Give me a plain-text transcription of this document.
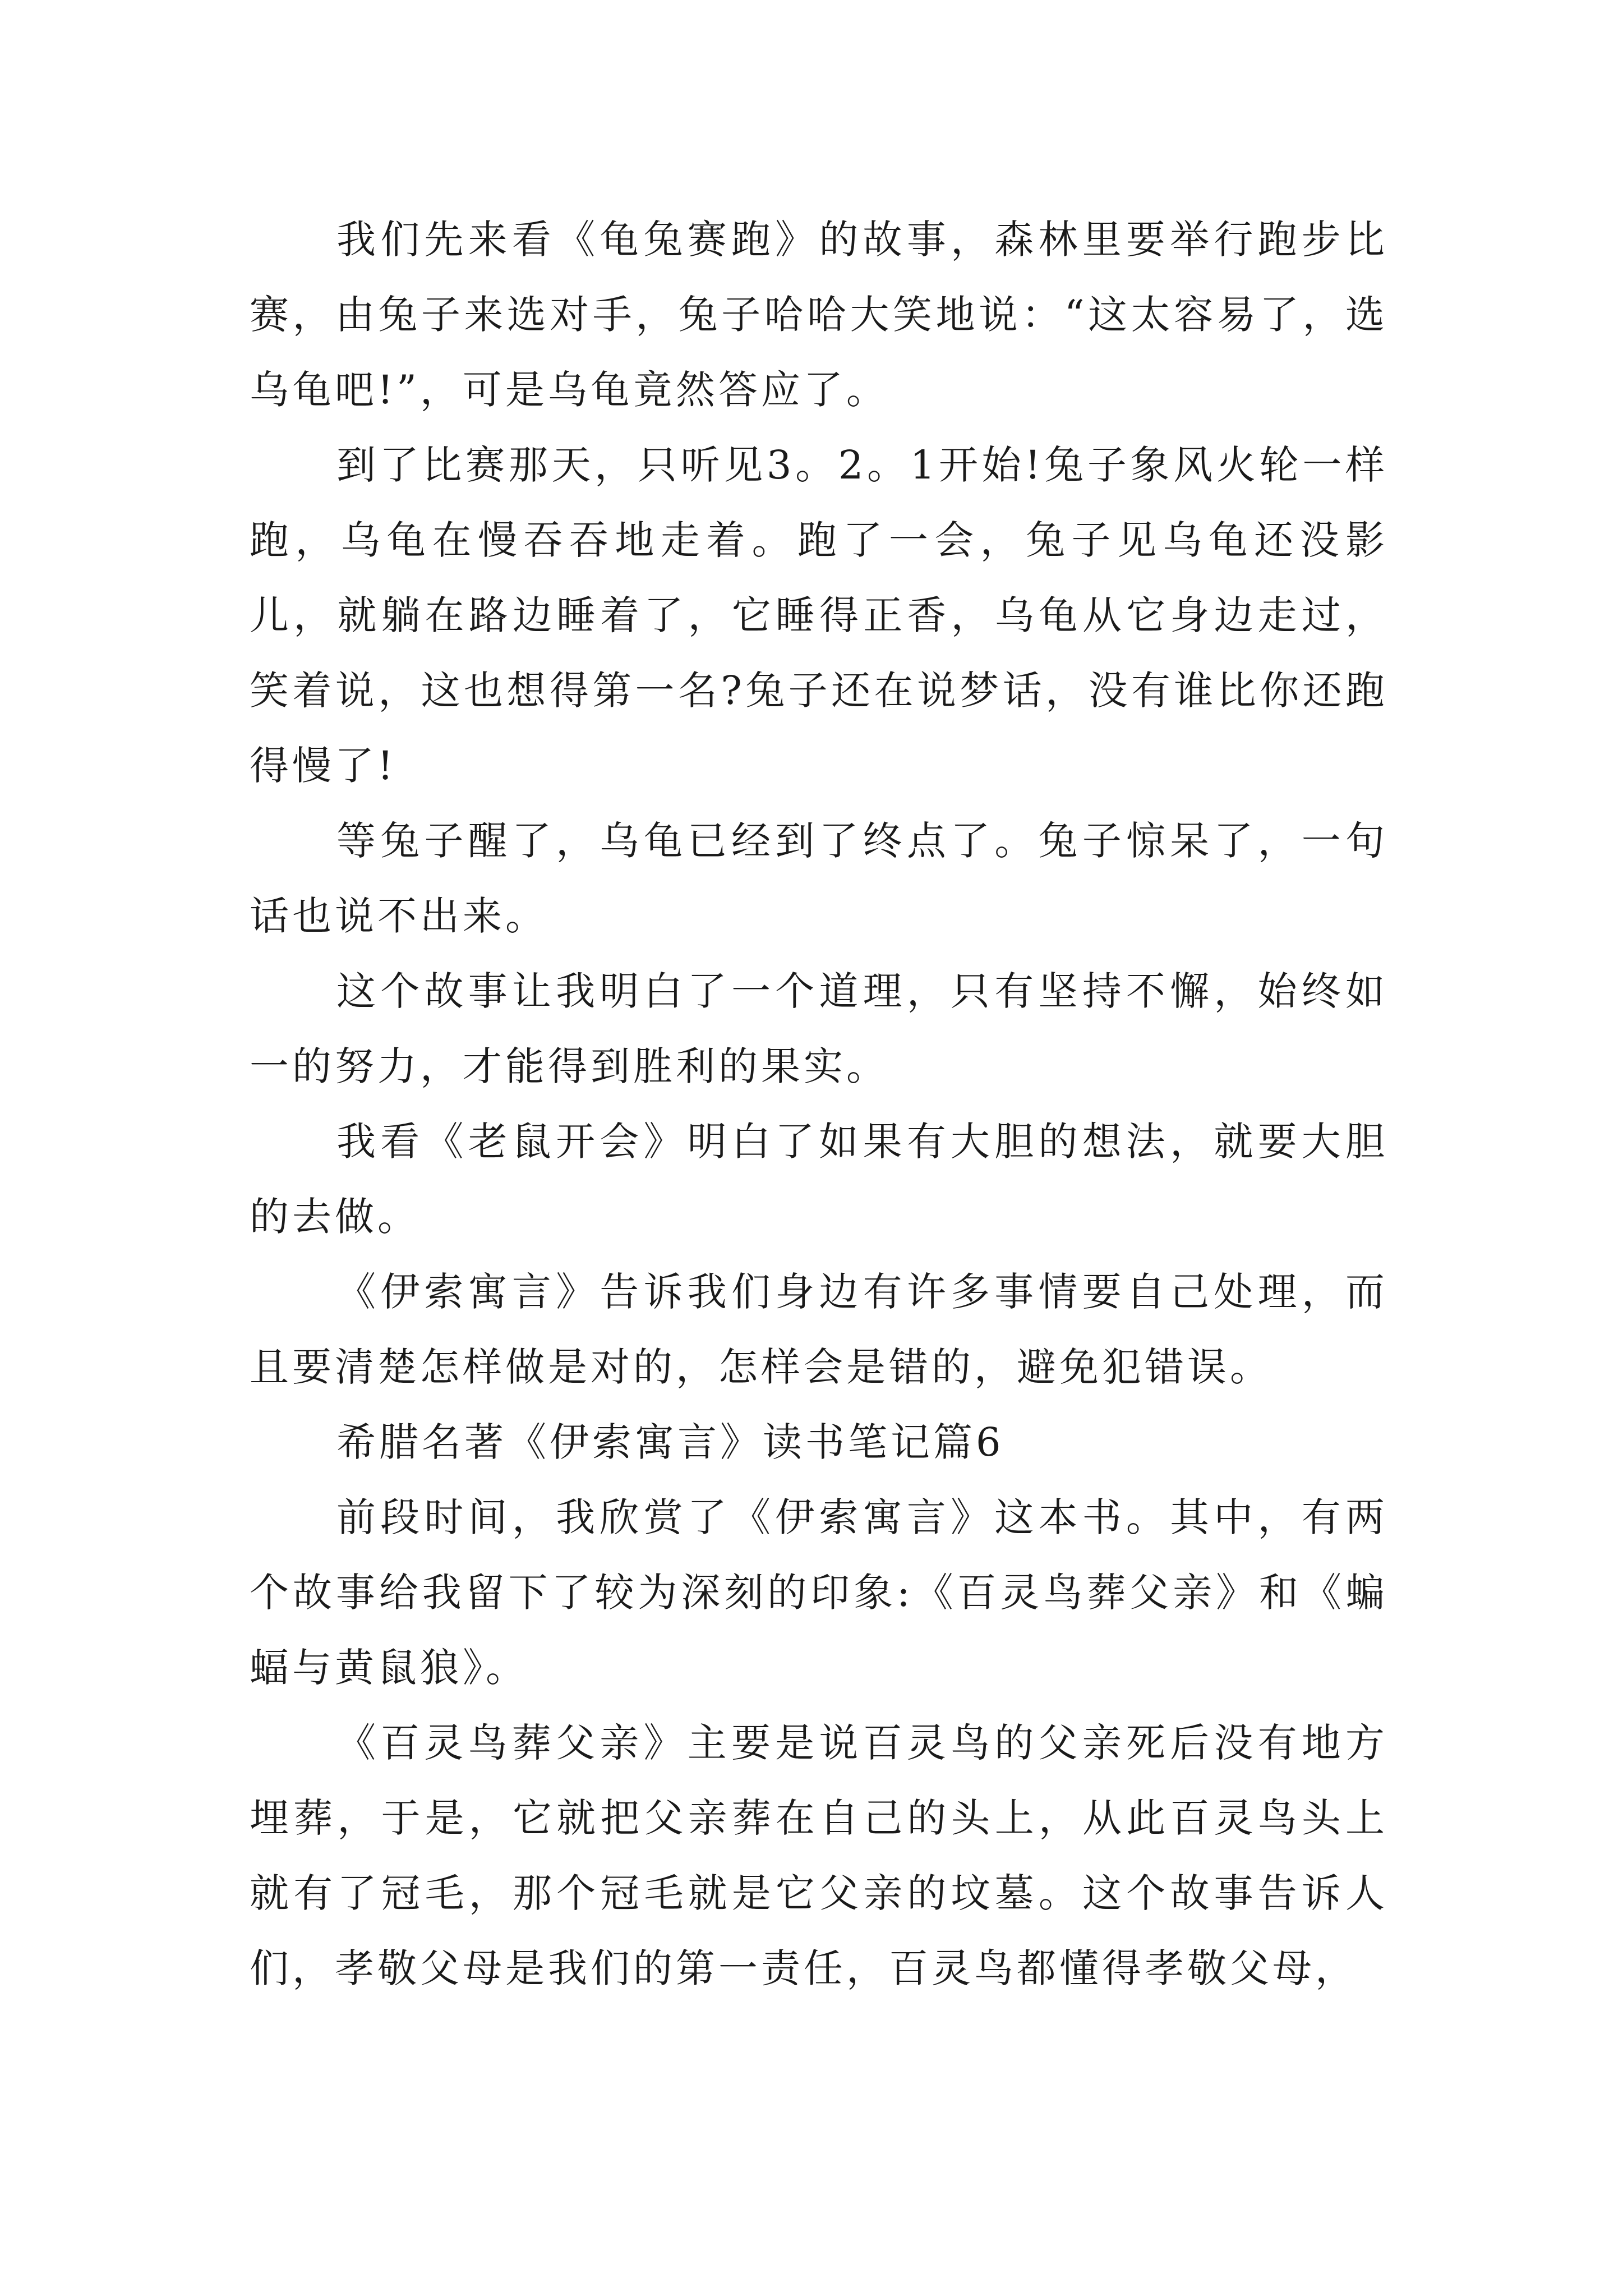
我们先来看《龟兔赛跑》的故事，森林里要举行跑步比赛，由兔子来选对手，兔子哈哈大笑地说：“这太容易了，选乌龟吧!”，可是乌龟竟然答应了。

到了比赛那天，只听见3。2。1开始!兔子象风火轮一样跑，乌龟在慢吞吞地走着。跑了一会，兔子见乌龟还没影儿，就躺在路边睡着了，它睡得正香，乌龟从它身边走过，笑着说，这也想得第一名?兔子还在说梦话，没有谁比你还跑得慢了!

等兔子醒了，乌龟已经到了终点了。兔子惊呆了，一句话也说不出来。

这个故事让我明白了一个道理，只有坚持不懈，始终如一的努力，才能得到胜利的果实。

我看《老鼠开会》明白了如果有大胆的想法，就要大胆的去做。

《伊索寓言》告诉我们身边有许多事情要自己处理，而且要清楚怎样做是对的，怎样会是错的，避免犯错误。

希腊名著《伊索寓言》读书笔记篇6

前段时间，我欣赏了《伊索寓言》这本书。其中，有两个故事给我留下了较为深刻的印象:《百灵鸟葬父亲》和《蝙蝠与黄鼠狼》。

《百灵鸟葬父亲》主要是说百灵鸟的父亲死后没有地方埋葬，于是，它就把父亲葬在自己的头上，从此百灵鸟头上就有了冠毛，那个冠毛就是它父亲的坟墓。这个故事告诉人们，孝敬父母是我们的第一责任，百灵鸟都懂得孝敬父母，
